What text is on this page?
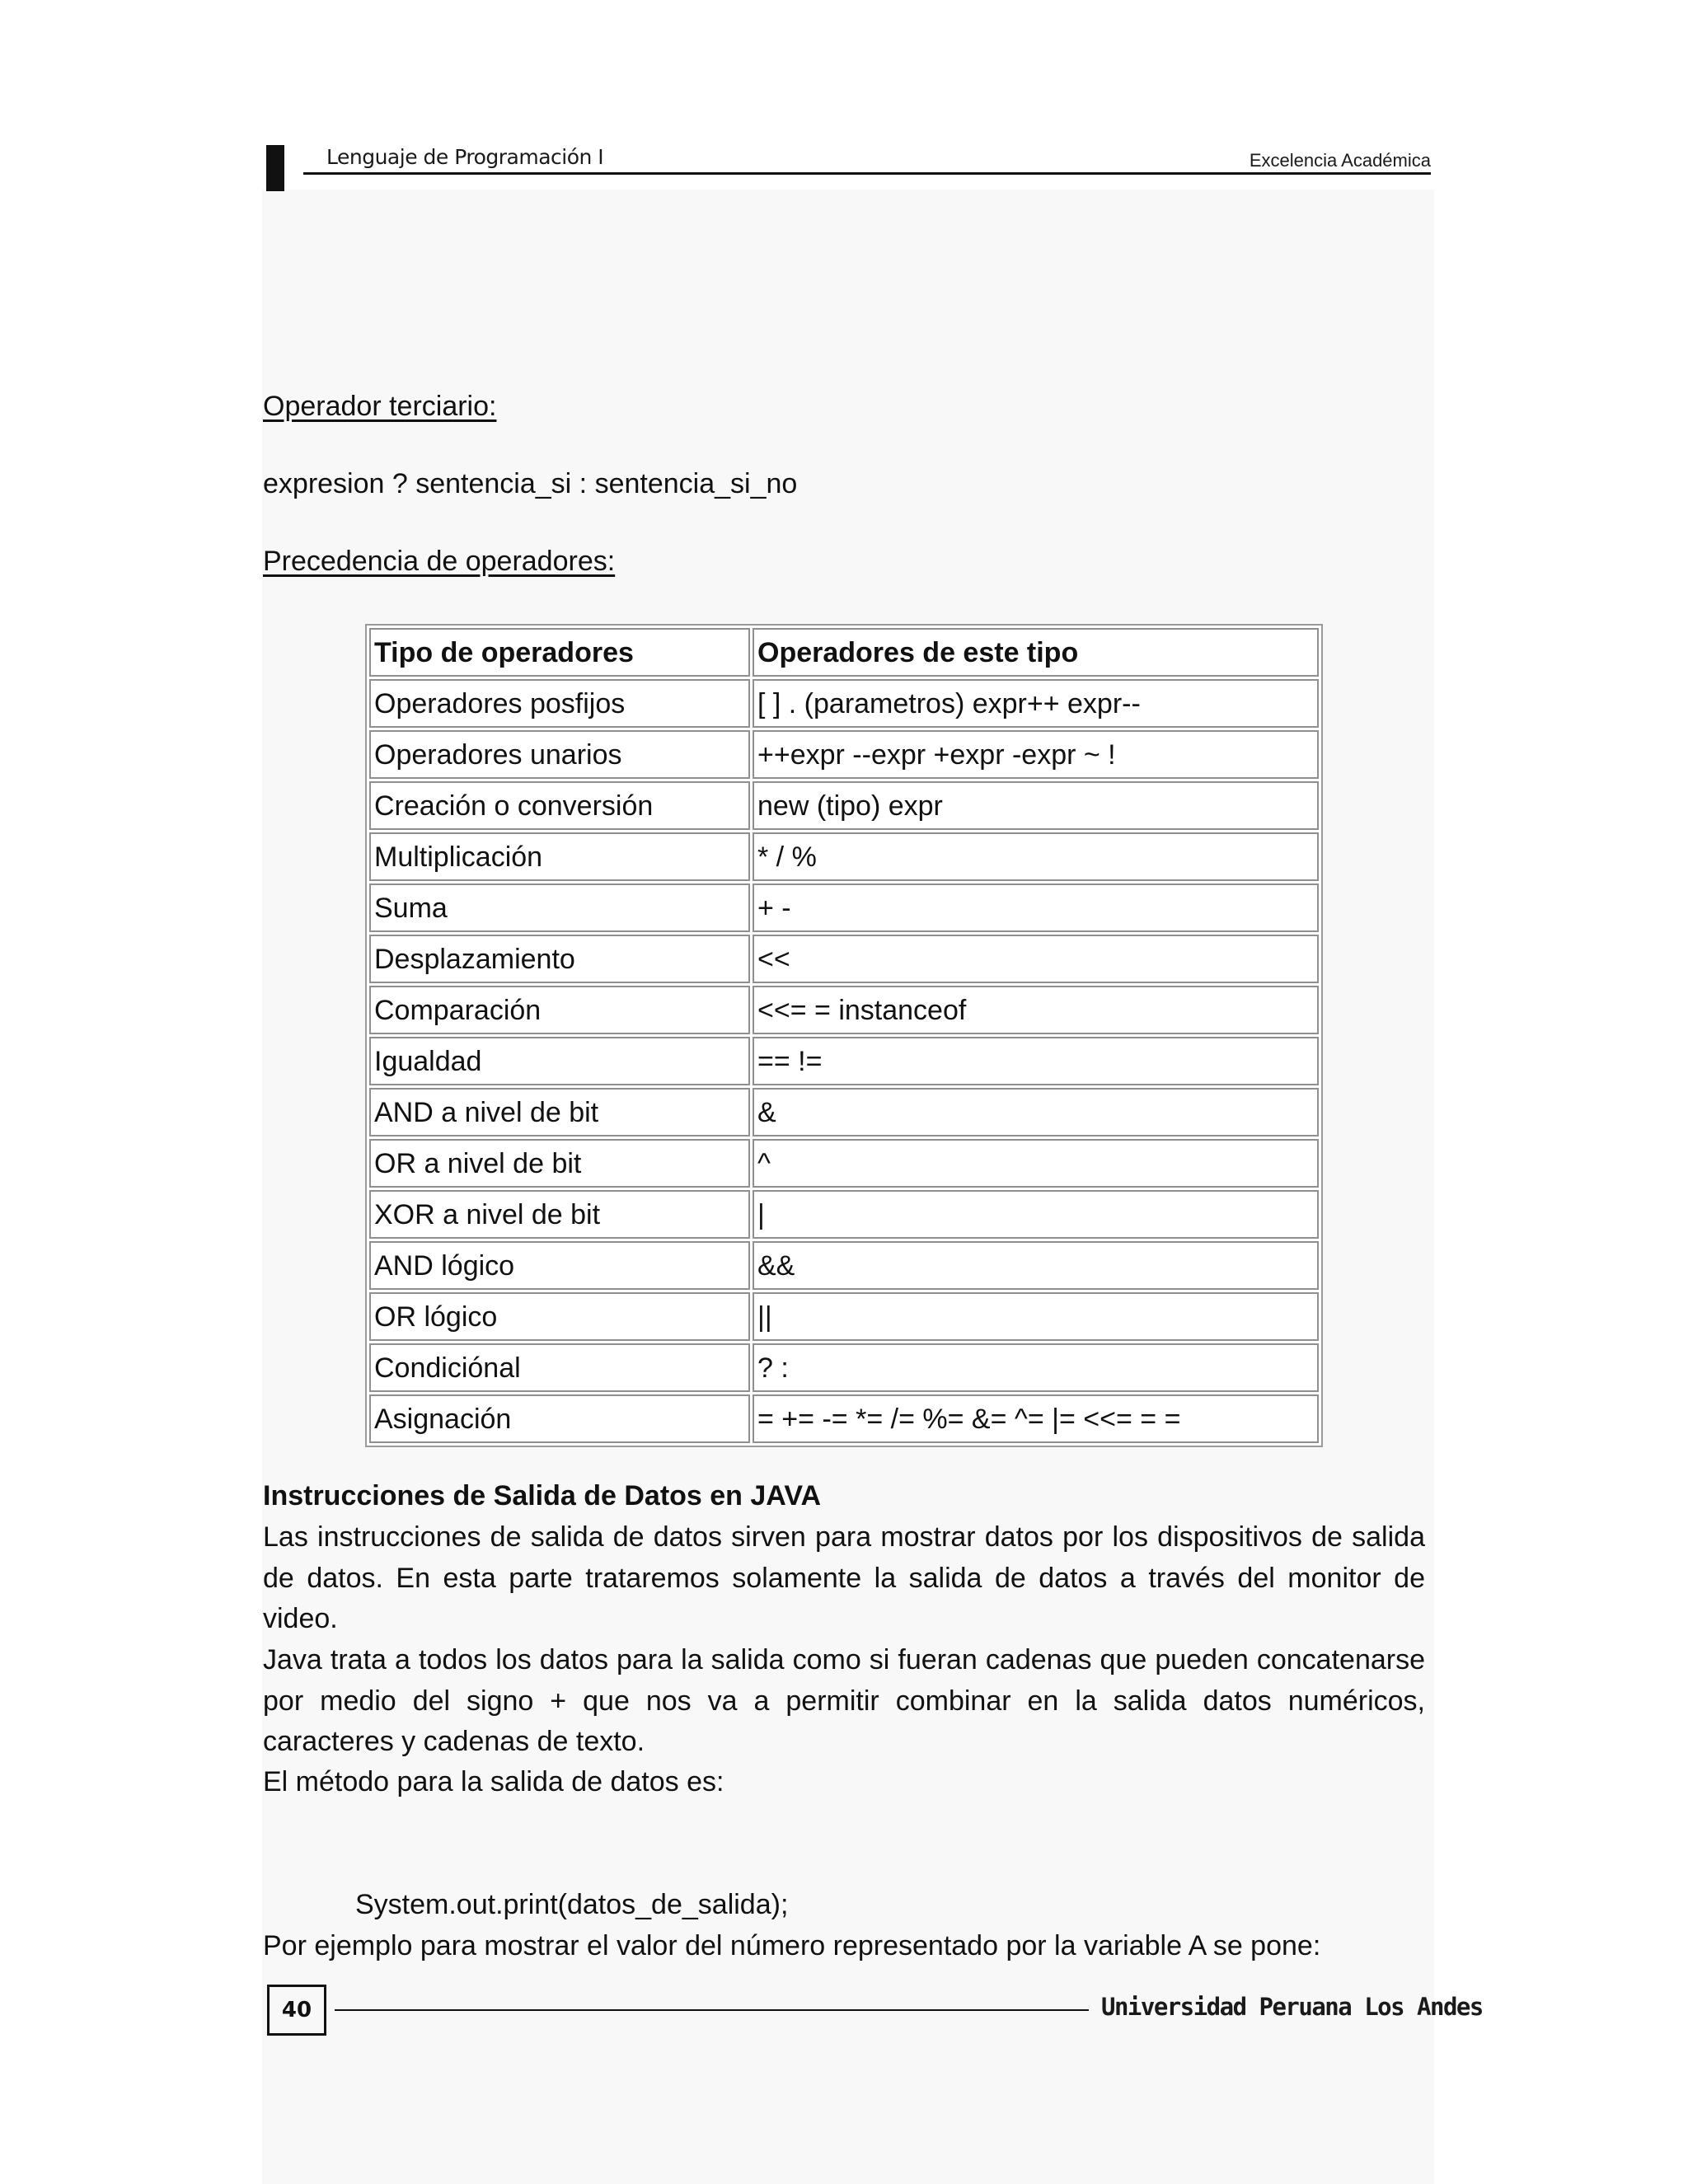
Lenguaje de Programación I	Excelencia Académica
Operador terciario:
expresion ? sentencia_si : sentencia_si_no
Precedencia de operadores:
Tipo de operadores	Operadores de este tipo
Operadores posfijos	[ ] . (parametros) expr++ expr--
Operadores unarios	++expr --expr +expr -expr ~ !
Creación o conversión	new (tipo) expr
Multiplicación	* / %
Suma	+ -
Desplazamiento	<<
Comparación	<<= = instanceof
Igualdad	== !=
AND a nivel de bit	&
OR a nivel de bit	^
XOR a nivel de bit	|
AND lógico	&&
OR lógico	||
Condiciónal	? :
Asignación	= += -= *= /= %= &= ^= |= <<= = =
Instrucciones de Salida de Datos en JAVA
Las instrucciones de salida de datos sirven para mostrar datos por los dispositivos de salida de datos. En esta parte trataremos solamente la salida de datos a través del monitor de video.
Java trata a todos los datos para la salida como si fueran cadenas que pueden concatenarse por medio del signo + que nos va a permitir combinar en la salida datos numéricos, caracteres y cadenas de texto.
El método para la salida de datos es:
System.out.print(datos_de_salida);
Por ejemplo para mostrar el valor del número representado por la variable A se pone:
40	Universidad Peruana Los Andes
